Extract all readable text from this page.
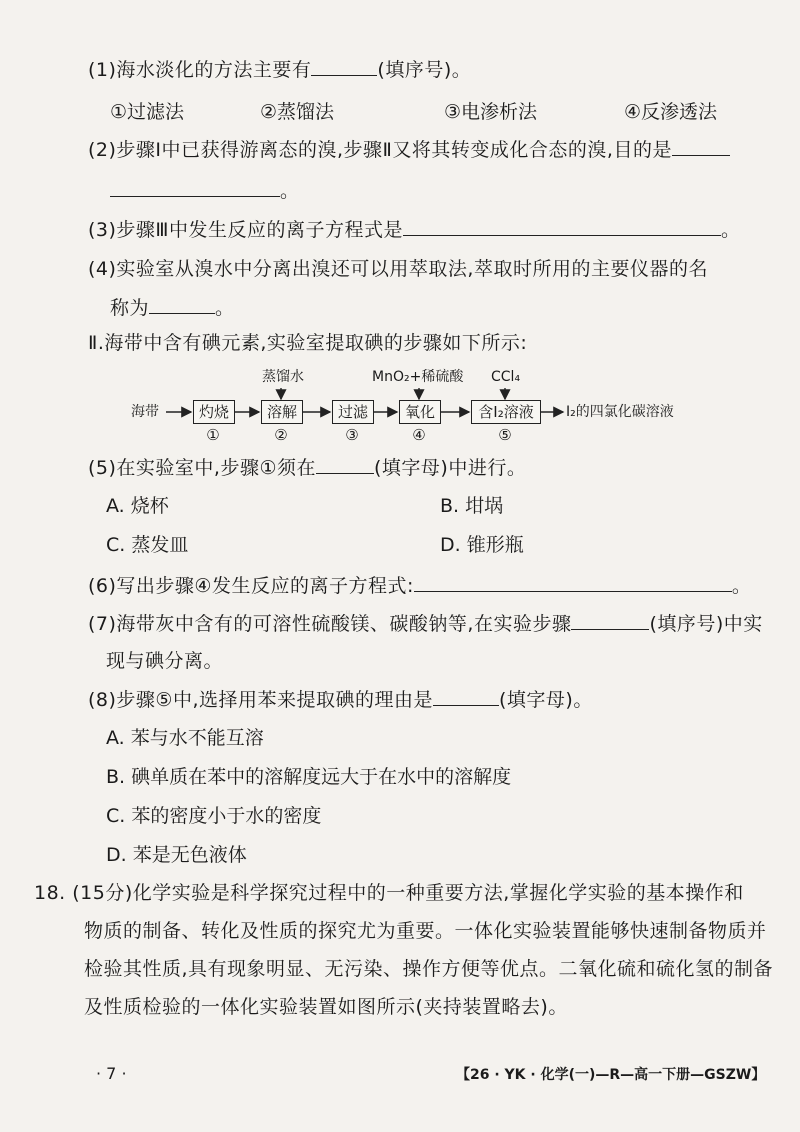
(1)海水淡化的方法主要有	(填序号)。
①过滤法	②蒸馏法	③电渗析法	④反渗透法
(2)步骤Ⅰ中已获得游离态的溴,步骤Ⅱ又将其转变成化合态的溴,目的是
。
(3)步骤Ⅲ中发生反应的离子方程式是	。
(4)实验室从溴水中分离出溴还可以用萃取法,萃取时所用的主要仪器的名
称为	。
Ⅱ.海带中含有碘元素,实验室提取碘的步骤如下所示:
海带	灼烧	溶解	过滤	氧化	含I₂溶液	I₂的四氯化碳溶液
蒸馏水	MnO₂+稀硫酸 CCl₄
①	②	③	④	⑤
(5)在实验室中,步骤①须在	(填字母)中进行。
A. 烧杯	B. 坩埚
C. 蒸发皿	D. 锥形瓶
(6)写出步骤④发生反应的离子方程式:	。
(7)海带灰中含有的可溶性硫酸镁、碳酸钠等,在实验步骤	(填序号)中实
现与碘分离。
(8)步骤⑤中,选择用苯来提取碘的理由是	(填字母)。
A. 苯与水不能互溶
B. 碘单质在苯中的溶解度远大于在水中的溶解度
C. 苯的密度小于水的密度
D. 苯是无色液体
18. (15分)化学实验是科学探究过程中的一种重要方法,掌握化学实验的基本操作和
物质的制备、转化及性质的探究尤为重要。一体化实验装置能够快速制备物质并
检验其性质,具有现象明显、无污染、操作方便等优点。二氧化硫和硫化氢的制备
及性质检验的一体化实验装置如图所示(夹持装置略去)。
· 7 ·	【26 · YK · 化学(一)—R—高一下册—GSZW】
